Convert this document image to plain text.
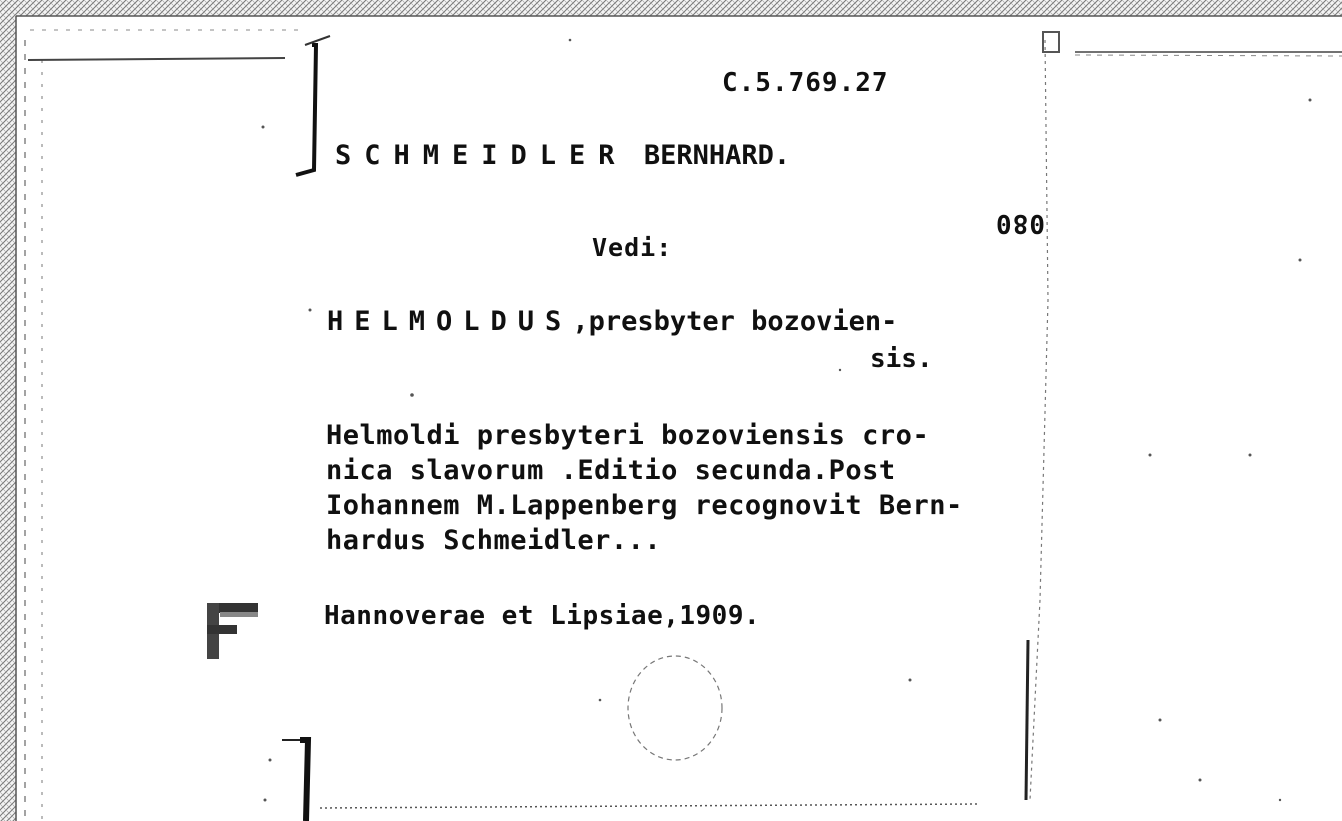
C.5.769.27
SCHMEIDLER BERNHARD.
Vedi:
080
HELMOLDUS,presbyter bozovien-
sis.
Helmoldi presbyteri bozoviensis cro-
nica slavorum .Editio secunda.Post
Iohannem M.Lappenberg recognovit Bern-
hardus Schmeidler...
Hannoverae et Lipsiae,1909.
